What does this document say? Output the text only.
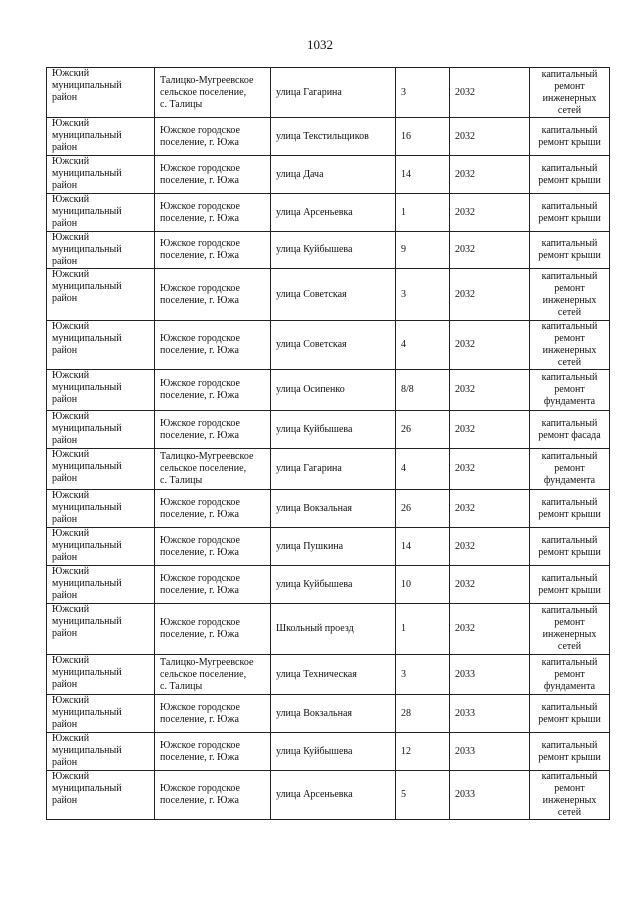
1032
Южский
муниципальный
район	Талицко-Мугреевское
сельское поселение,
с. Талицы	улица Гагарина	3	2032	капитальный
ремонт
инженерных
сетей
Южский
муниципальный
район	Южское городское
поселение, г. Южа	улица Текстильщиков	16	2032	капитальный
ремонт крыши
Южский
муниципальный
район	Южское городское
поселение, г. Южа	улица Дача	14	2032	капитальный
ремонт крыши
Южский
муниципальный
район	Южское городское
поселение, г. Южа	улица Арсеньевка	1	2032	капитальный
ремонт крыши
Южский
муниципальный
район	Южское городское
поселение, г. Южа	улица Куйбышева	9	2032	капитальный
ремонт крыши
Южский
муниципальный
район	Южское городское
поселение, г. Южа	улица Советская	3	2032	капитальный
ремонт
инженерных
сетей
Южский
муниципальный
район	Южское городское
поселение, г. Южа	улица Советская	4	2032	капитальный
ремонт
инженерных
сетей
Южский
муниципальный
район	Южское городское
поселение, г. Южа	улица Осипенко	8/8	2032	капитальный
ремонт
фундамента
Южский
муниципальный
район	Южское городское
поселение, г. Южа	улица Куйбышева	26	2032	капитальный
ремонт фасада
Южский
муниципальный
район	Талицко-Мугреевское
сельское поселение,
с. Талицы	улица Гагарина	4	2032	капитальный
ремонт
фундамента
Южский
муниципальный
район	Южское городское
поселение, г. Южа	улица Вокзальная	26	2032	капитальный
ремонт крыши
Южский
муниципальный
район	Южское городское
поселение, г. Южа	улица Пушкина	14	2032	капитальный
ремонт крыши
Южский
муниципальный
район	Южское городское
поселение, г. Южа	улица Куйбышева	10	2032	капитальный
ремонт крыши
Южский
муниципальный
район	Южское городское
поселение, г. Южа	Школьный проезд	1	2032	капитальный
ремонт
инженерных
сетей
Южский
муниципальный
район	Талицко-Мугреевское
сельское поселение,
с. Талицы	улица Техническая	3	2033	капитальный
ремонт
фундамента
Южский
муниципальный
район	Южское городское
поселение, г. Южа	улица Вокзальная	28	2033	капитальный
ремонт крыши
Южский
муниципальный
район	Южское городское
поселение, г. Южа	улица Куйбышева	12	2033	капитальный
ремонт крыши
Южский
муниципальный
район	Южское городское
поселение, г. Южа	улица Арсеньевка	5	2033	капитальный
ремонт
инженерных
сетей
